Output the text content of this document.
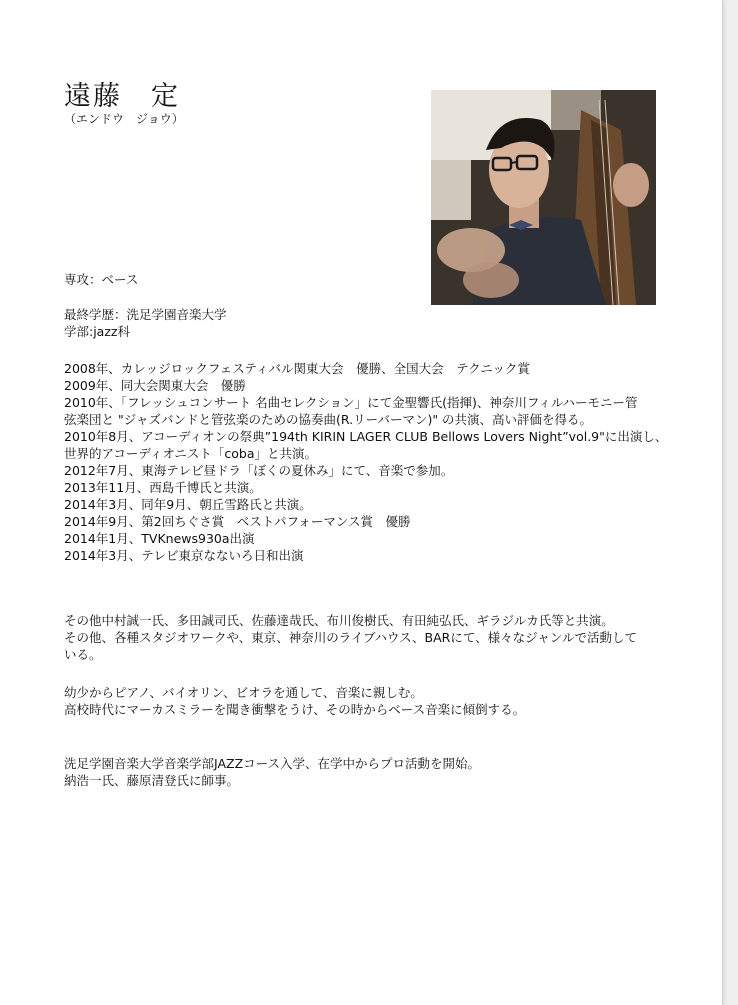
遠藤　定
（エンドウ　ジョウ）
専攻：ベース
最終学歴：洗足学園音楽大学
学部:jazz科
2008年、カレッジロックフェスティバル関東大会　優勝、全国大会　テクニック賞
2009年、同大会関東大会　優勝
2010年、「フレッシュコンサート 名曲セレクション」にて金聖響氏(指揮)、神奈川フィルハーモニー管
弦楽団と "ジャズバンドと管弦楽のための協奏曲(R.リーバーマン)" の共演、高い評価を得る。
2010年8月、アコーディオンの祭典”194th KIRIN LAGER CLUB Bellows Lovers Night”vol.9"に出演し、
世界的アコーディオニスト「coba」と共演。
2012年7月、東海テレビ昼ドラ「ぼくの夏休み」にて、音楽で参加。
2013年11月、西島千博氏と共演。
2014年3月、同年9月、朝丘雪路氏と共演。
2014年9月、第2回ちぐさ賞　ベストパフォーマンス賞　優勝
2014年1月、TVKnews930a出演
2014年3月、テレビ東京なないろ日和出演
その他中村誠一氏、多田誠司氏、佐藤達哉氏、布川俊樹氏、有田純弘氏、ギラジルカ氏等と共演。
その他、各種スタジオワークや、東京、神奈川のライブハウス、BARにて、様々なジャンルで活動して
いる。
幼少からピアノ、バイオリン、ビオラを通して、音楽に親しむ。
高校時代にマーカスミラーを聞き衝撃をうけ、その時からベース音楽に傾倒する。
洗足学園音楽大学音楽学部JAZZコース入学、在学中からプロ活動を開始。
納浩一氏、藤原清登氏に師事。
